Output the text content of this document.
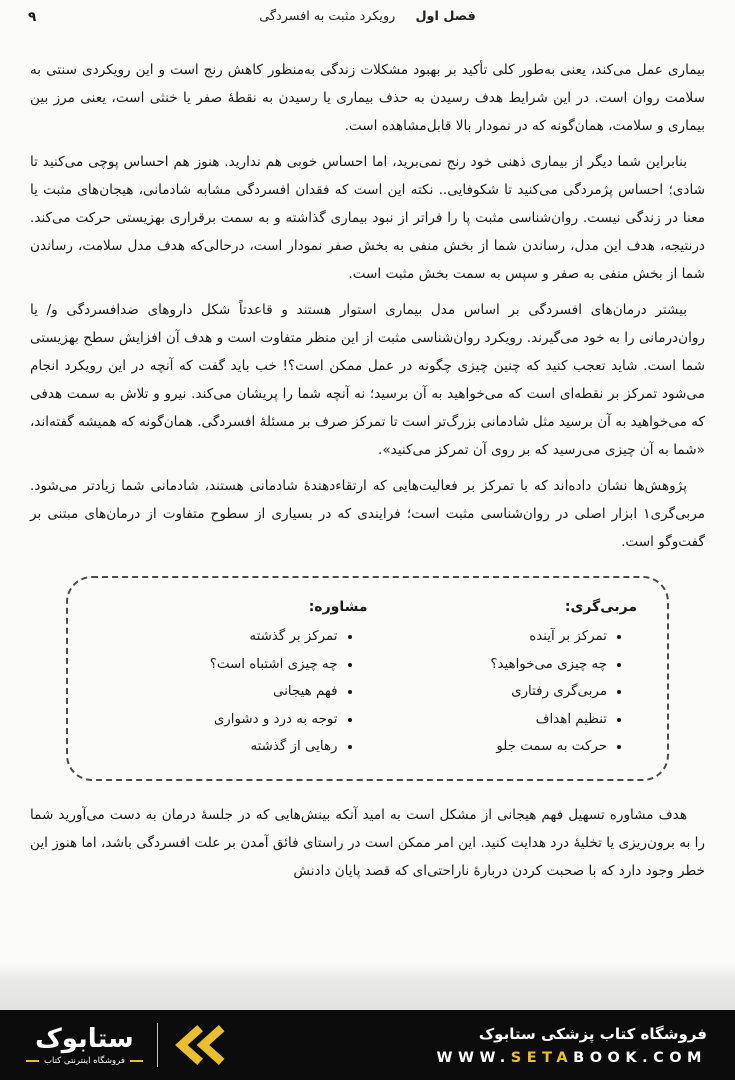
٩	فصل اول رویکرد مثبت به افسردگی

بیماری عمل می‌کند، یعنی به‌طور کلی تأکید بر بهبود مشکلات زندگی به‌منظور کاهش رنج است و این رویکردی سنتی به سلامت روان است. در این شرایط هدف رسیدن به حذف بیماری یا رسیدن به نقطهٔ صفر یا خنثی است، یعنی مرز بین بیماری و سلامت، همان‌گونه که در نمودار بالا قابل‌مشاهده است.

بنابراین شما دیگر از بیماری ذهنی خود رنج نمی‌برید، اما احساس خوبی هم ندارید. هنوز هم احساس پوچی می‌کنید تا شادی؛ احساس پژمردگی می‌کنید تا شکوفایی.. نکته این است که فقدان افسردگی مشابه شادمانی، هیجان‌های مثبت یا معنا در زندگی نیست. روان‌شناسی مثبت پا را فراتر از نبود بیماری گذاشته و به سمت برقراری بهزیستی حرکت می‌کند. درنتیجه، هدف این مدل، رساندن شما از بخش منفی به بخش صفر نمودار است، درحالی‌که هدف مدل سلامت، رساندن شما از بخش منفی به صفر و سپس به سمت بخش مثبت است.

بیشتر درمان‌های افسردگی بر اساس مدل بیماری استوار هستند و قاعدتاً شکل داروهای ضدافسردگی و/ یا روان‌درمانی را به خود می‌گیرند. رویکرد روان‌شناسی مثبت از این منظر متفاوت است و هدف آن افزایش سطح بهزیستی شما است. شاید تعجب کنید که چنین چیزی چگونه در عمل ممکن است؟! خب باید گفت که آنچه در این رویکرد انجام می‌شود تمرکز بر نقطه‌ای است که می‌خواهید به آن برسید؛ نه آنچه شما را پریشان می‌کند. نیرو و تلاش به سمت هدفی که می‌خواهید به آن برسید مثل شادمانی بزرگ‌تر است تا تمرکز صرف بر مسئلهٔ افسردگی. همان‌گونه که همیشه گفته‌اند، «شما به آن چیزی می‌رسید که بر روی آن تمرکز می‌کنید».

پژوهش‌ها نشان داده‌اند که با تمرکز بر فعالیت‌هایی که ارتقاءدهندهٔ شادمانی هستند، شادمانی شما زیادتر می‌شود. مربی‌گری۱ ابزار اصلی در روان‌شناسی مثبت است؛ فرایندی که در بسیاری از سطوح متفاوت از درمان‌های مبتنی بر گفت‌وگو است.

مربی‌گری:
• تمرکز بر آینده
• چه چیزی می‌خواهید؟
• مربی‌گری رفتاری
• تنظیم اهداف
• حرکت به سمت جلو
مشاوره:
• تمرکز بر گذشته
• چه چیزی اشتباه است؟
• فهم هیجانی
• توجه به درد و دشواری
• رهایی از گذشته

هدف مشاوره تسهیل فهم هیجانی از مشکل است به امید آنکه بینش‌هایی که در جلسهٔ درمان به دست می‌آورید شما را به برون‌ریزی یا تخلیهٔ درد هدایت کنید. این امر ممکن است در راستای فائق آمدن بر علت افسردگی باشد، اما هنوز این خطر وجود دارد که با صحبت کردن دربارهٔ ناراحتی‌ای که قصد پایان دادنش

فروشگاه کتاب پزشکی ستابوک
WWW.SETABOOK.COM
ستابوک
فروشگاه اینترنتی کتاب
